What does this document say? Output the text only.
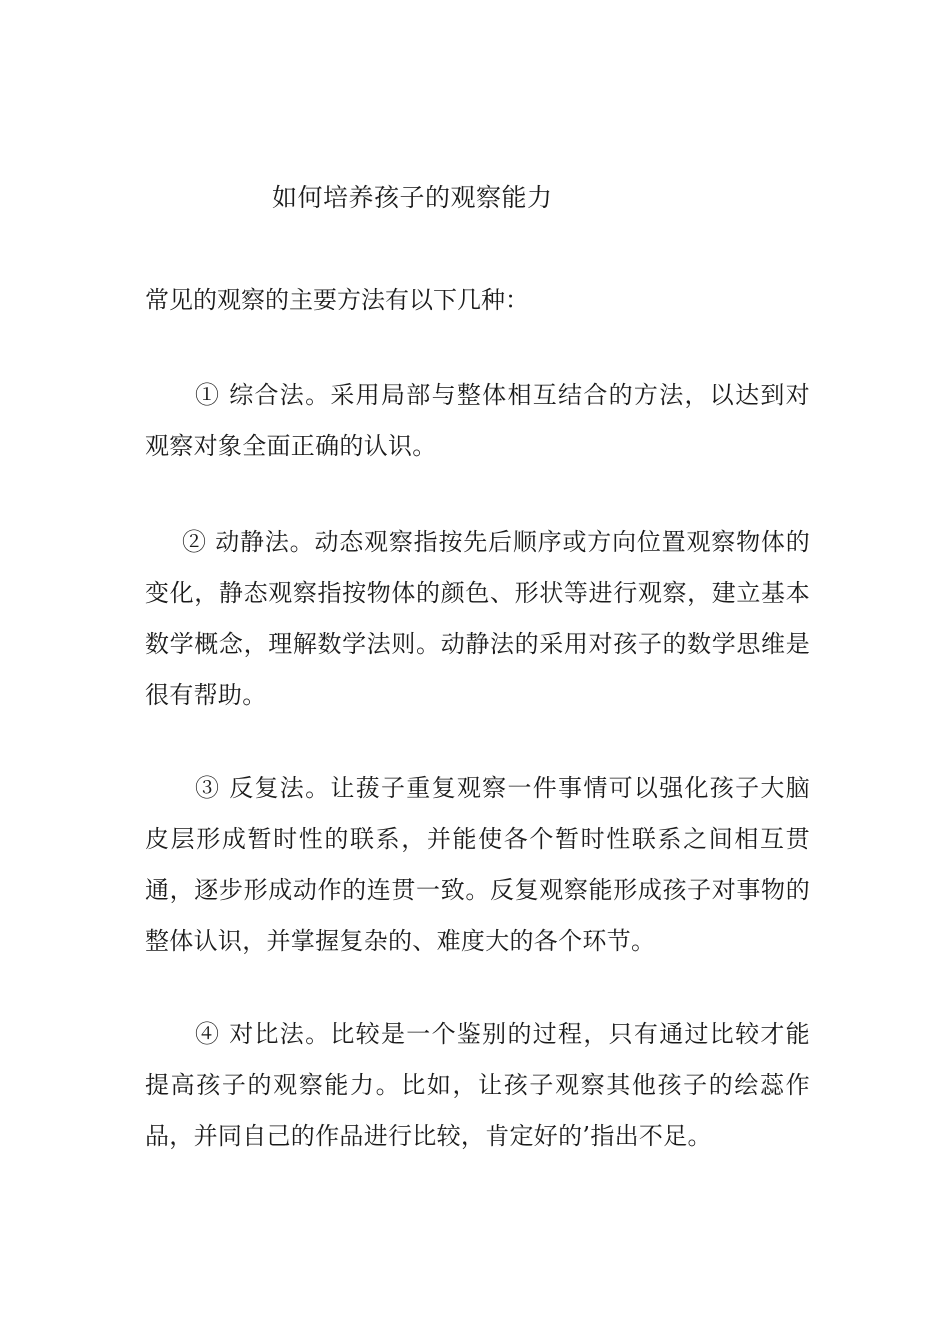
如何培养孩子的观察能力
常见的观察的主要方法有以下几种：
① 综合法。采用局部与整体相互结合的方法，以达到对观察对象全面正确的认识。
② 动静法。动态观察指按先后顺序或方向位置观察物体的变化，静态观察指按物体的颜色、形状等进行观察，建立基本数学概念，理解数学法则。动静法的采用对孩子的数学思维是很有帮助。
③ 反复法。让菝子重复观察一件事情可以强化孩子大脑皮层形成暂时性的联系，并能使各个暂时性联系之间相互贯通，逐步形成动作的连贯一致。反复观察能形成孩子对事物的整体认识，并掌握复杂的、难度大的各个环节。
④ 对比法。比较是一个鉴别的过程，只有通过比较才能提高孩子的观察能力。比如，让孩子观察其他孩子的绘蕊作品，并同自己的作品进行比较，肯定好的’指出不足。
